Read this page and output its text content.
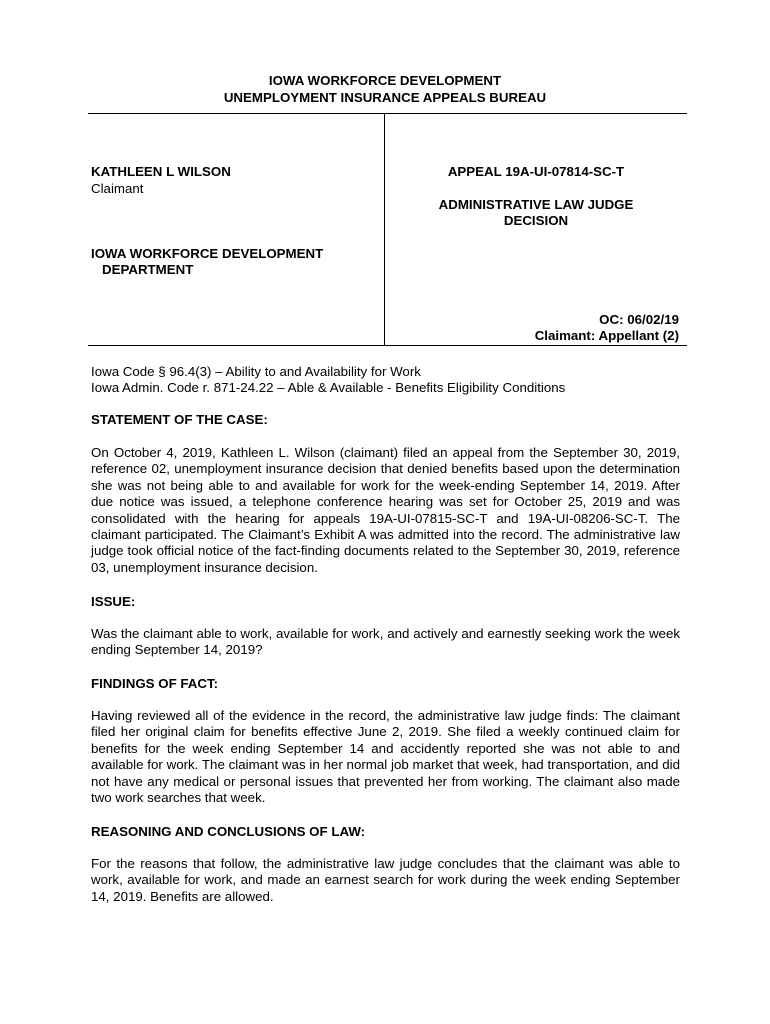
IOWA WORKFORCE DEVELOPMENT
UNEMPLOYMENT INSURANCE APPEALS BUREAU
KATHLEEN L WILSON
Claimant
IOWA WORKFORCE DEVELOPMENT
DEPARTMENT
APPEAL 19A-UI-07814-SC-T
ADMINISTRATIVE LAW JUDGE
DECISION
OC: 06/02/19
Claimant: Appellant (2)
Iowa Code § 96.4(3) – Ability to and Availability for Work
Iowa Admin. Code r. 871-24.22 – Able & Available - Benefits Eligibility Conditions
STATEMENT OF THE CASE:
On October 4, 2019, Kathleen L. Wilson (claimant) filed an appeal from the September 30, 2019, reference 02, unemployment insurance decision that denied benefits based upon the determination she was not being able to and available for work for the week-ending September 14, 2019. After due notice was issued, a telephone conference hearing was set for October 25, 2019 and was consolidated with the hearing for appeals 19A-UI-07815-SC-T and 19A-UI-08206-SC-T. The claimant participated. The Claimant’s Exhibit A was admitted into the record. The administrative law judge took official notice of the fact-finding documents related to the September 30, 2019, reference 03, unemployment insurance decision.
ISSUE:
Was the claimant able to work, available for work, and actively and earnestly seeking work the week ending September 14, 2019?
FINDINGS OF FACT:
Having reviewed all of the evidence in the record, the administrative law judge finds: The claimant filed her original claim for benefits effective June 2, 2019. She filed a weekly continued claim for benefits for the week ending September 14 and accidently reported she was not able to and available for work. The claimant was in her normal job market that week, had transportation, and did not have any medical or personal issues that prevented her from working. The claimant also made two work searches that week.
REASONING AND CONCLUSIONS OF LAW:
For the reasons that follow, the administrative law judge concludes that the claimant was able to work, available for work, and made an earnest search for work during the week ending September 14, 2019. Benefits are allowed.
